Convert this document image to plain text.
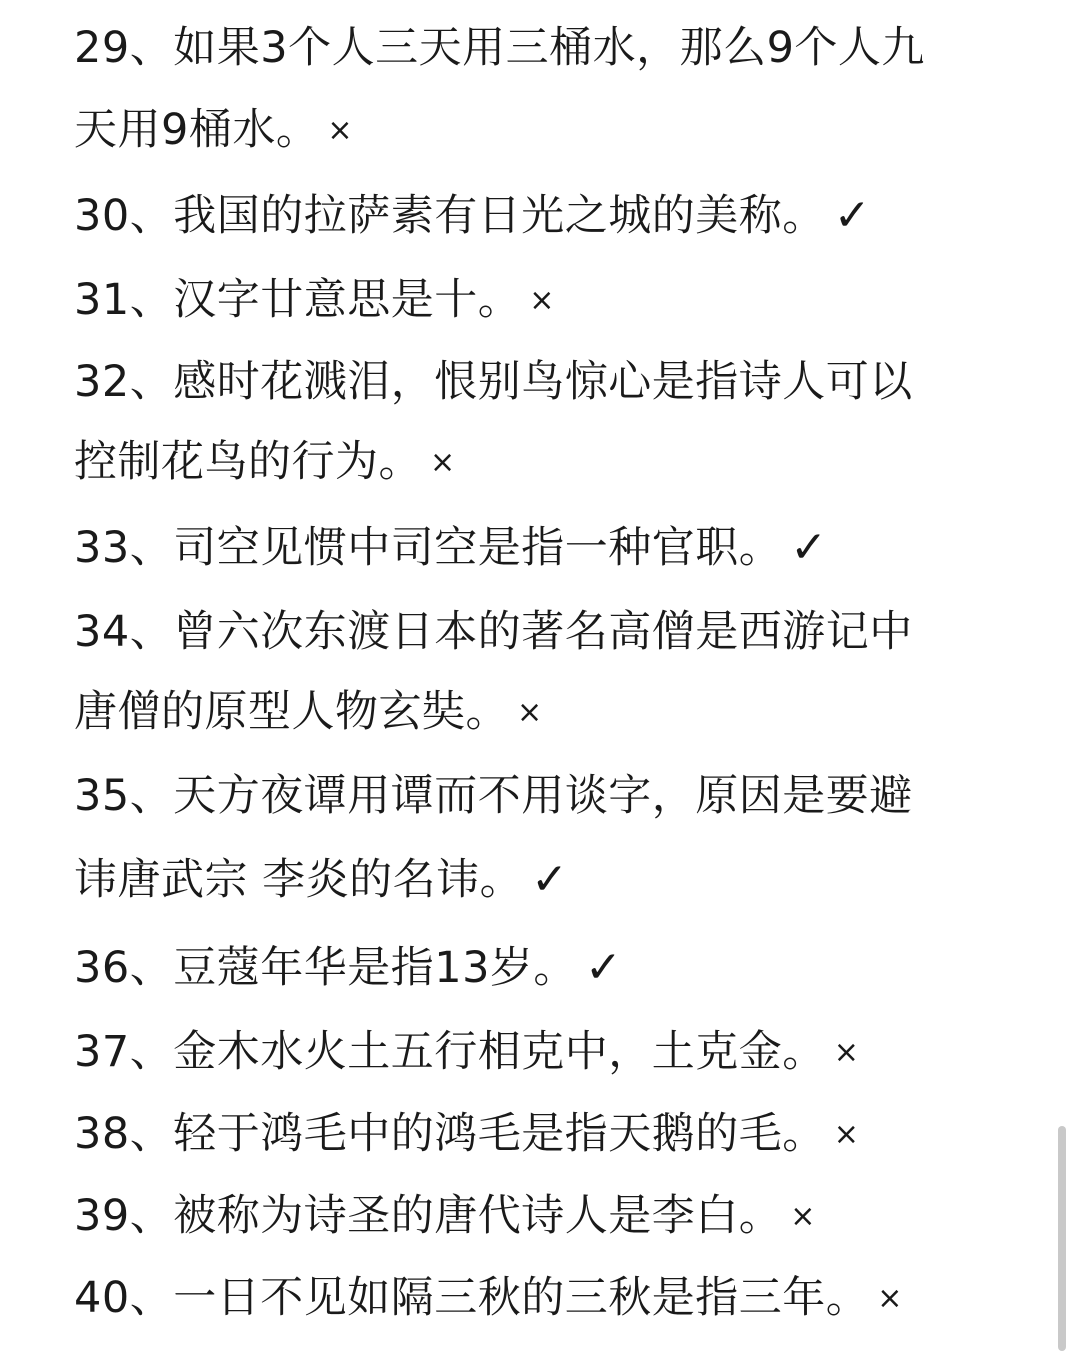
29、如果3个人三天用三桶水，那么9个人九
天用9桶水。 ×
30、我国的拉萨素有日光之城的美称。 ✓
31、汉字廿意思是十。 ×
32、感时花溅泪，恨别鸟惊心是指诗人可以
控制花鸟的行为。 ×
33、司空见惯中司空是指一种官职。 ✓
34、曾六次东渡日本的著名高僧是西游记中
唐僧的原型人物玄奘。 ×
35、天方夜谭用谭而不用谈字，原因是要避
讳唐武宗 李炎的名讳。 ✓
36、豆蔻年华是指13岁。 ✓
37、金木水火土五行相克中，土克金。 ×
38、轻于鸿毛中的鸿毛是指天鹅的毛。 ×
39、被称为诗圣的唐代诗人是李白。 ×
40、一日不见如隔三秋的三秋是指三年。 ×
